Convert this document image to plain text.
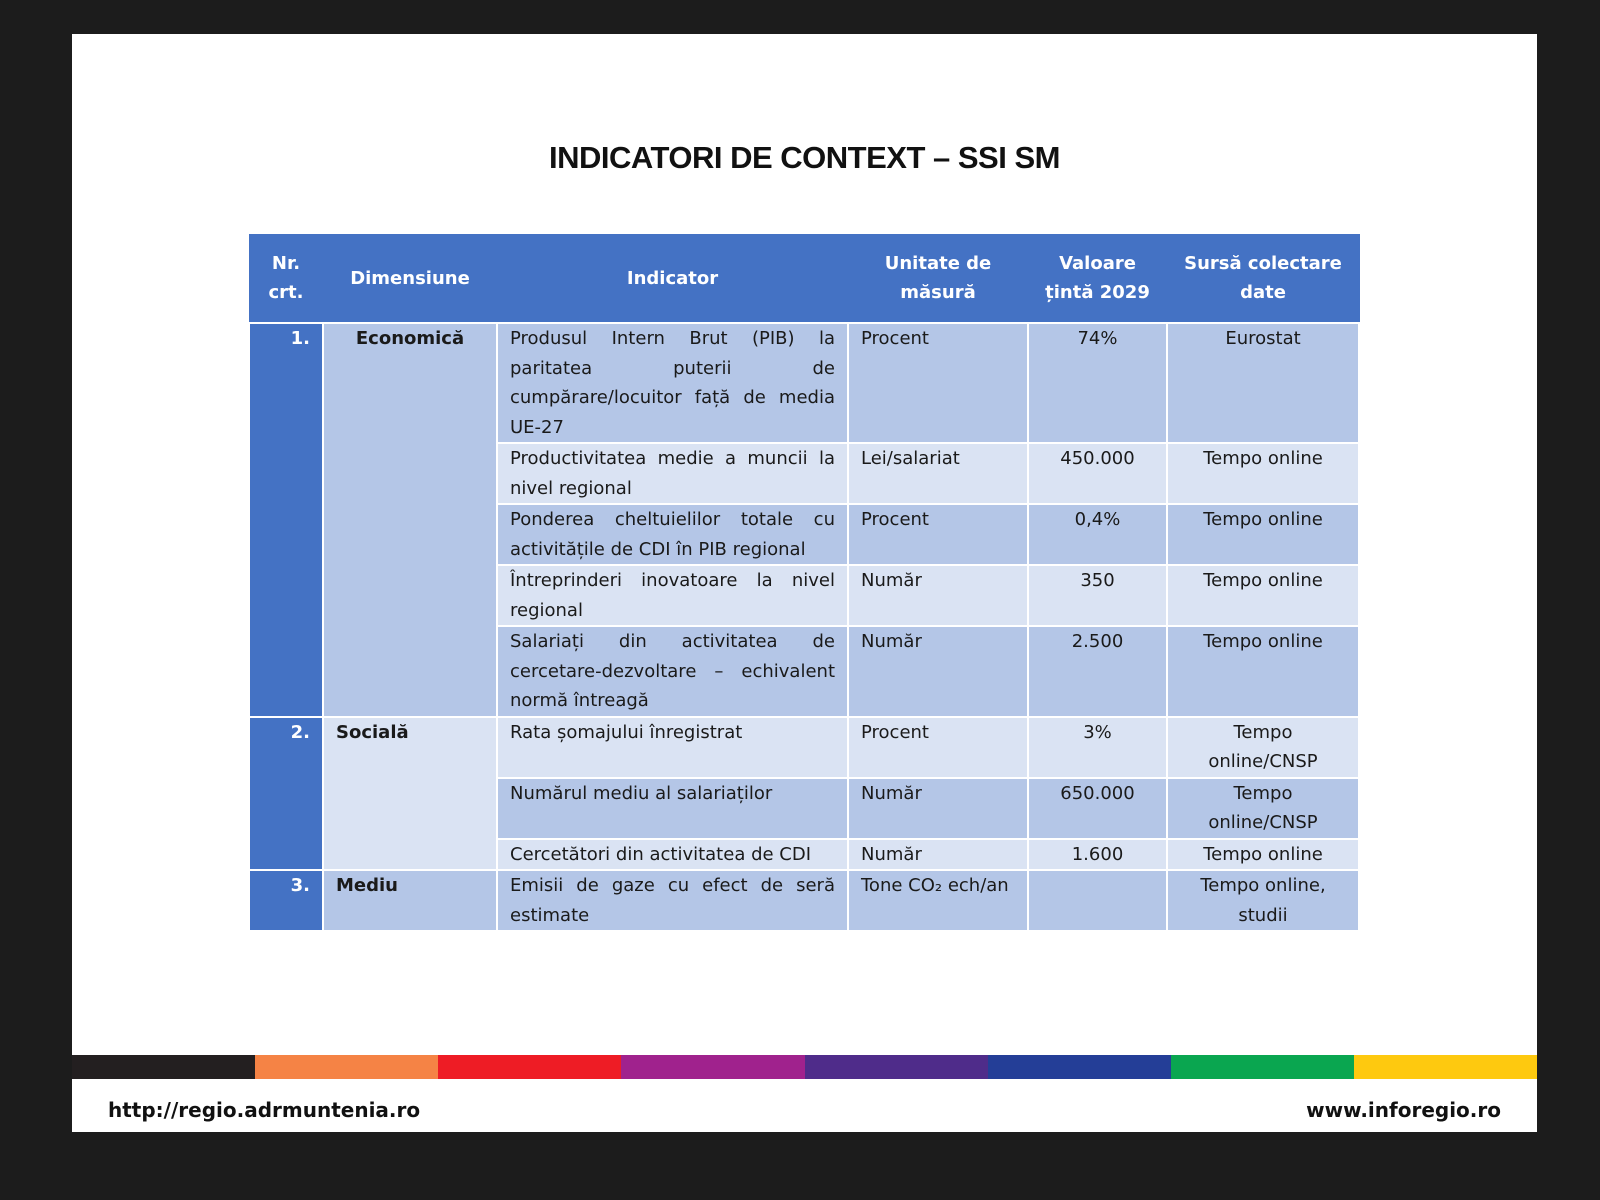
INDICATORI DE CONTEXT – SSI SM
Nr. crt.	Dimensiune	Indicator	Unitate de măsură	Valoare țintă 2029	Sursă colectare date
1.	Economică	Produsul Intern Brut (PIB) la paritatea puterii de cumpărare/locuitor față de media UE-27	Procent	74%	Eurostat
		Productivitatea medie a muncii la nivel regional	Lei/salariat	450.000	Tempo online
		Ponderea cheltuielilor totale cu activitățile de CDI în PIB regional	Procent	0,4%	Tempo online
		Întreprinderi inovatoare la nivel regional	Număr	350	Tempo online
		Salariați din activitatea de cercetare-dezvoltare – echivalent normă întreagă	Număr	2.500	Tempo online
2.	Socială	Rata șomajului înregistrat	Procent	3%	Tempo online/CNSP
		Numărul mediu al salariaților	Număr	650.000	Tempo online/CNSP
		Cercetători din activitatea de CDI	Număr	1.600	Tempo online
3.	Mediu	Emisii de gaze cu efect de seră estimate	Tone CO₂ ech/an		Tempo online, studii
http://regio.adrmuntenia.ro	www.inforegio.ro
